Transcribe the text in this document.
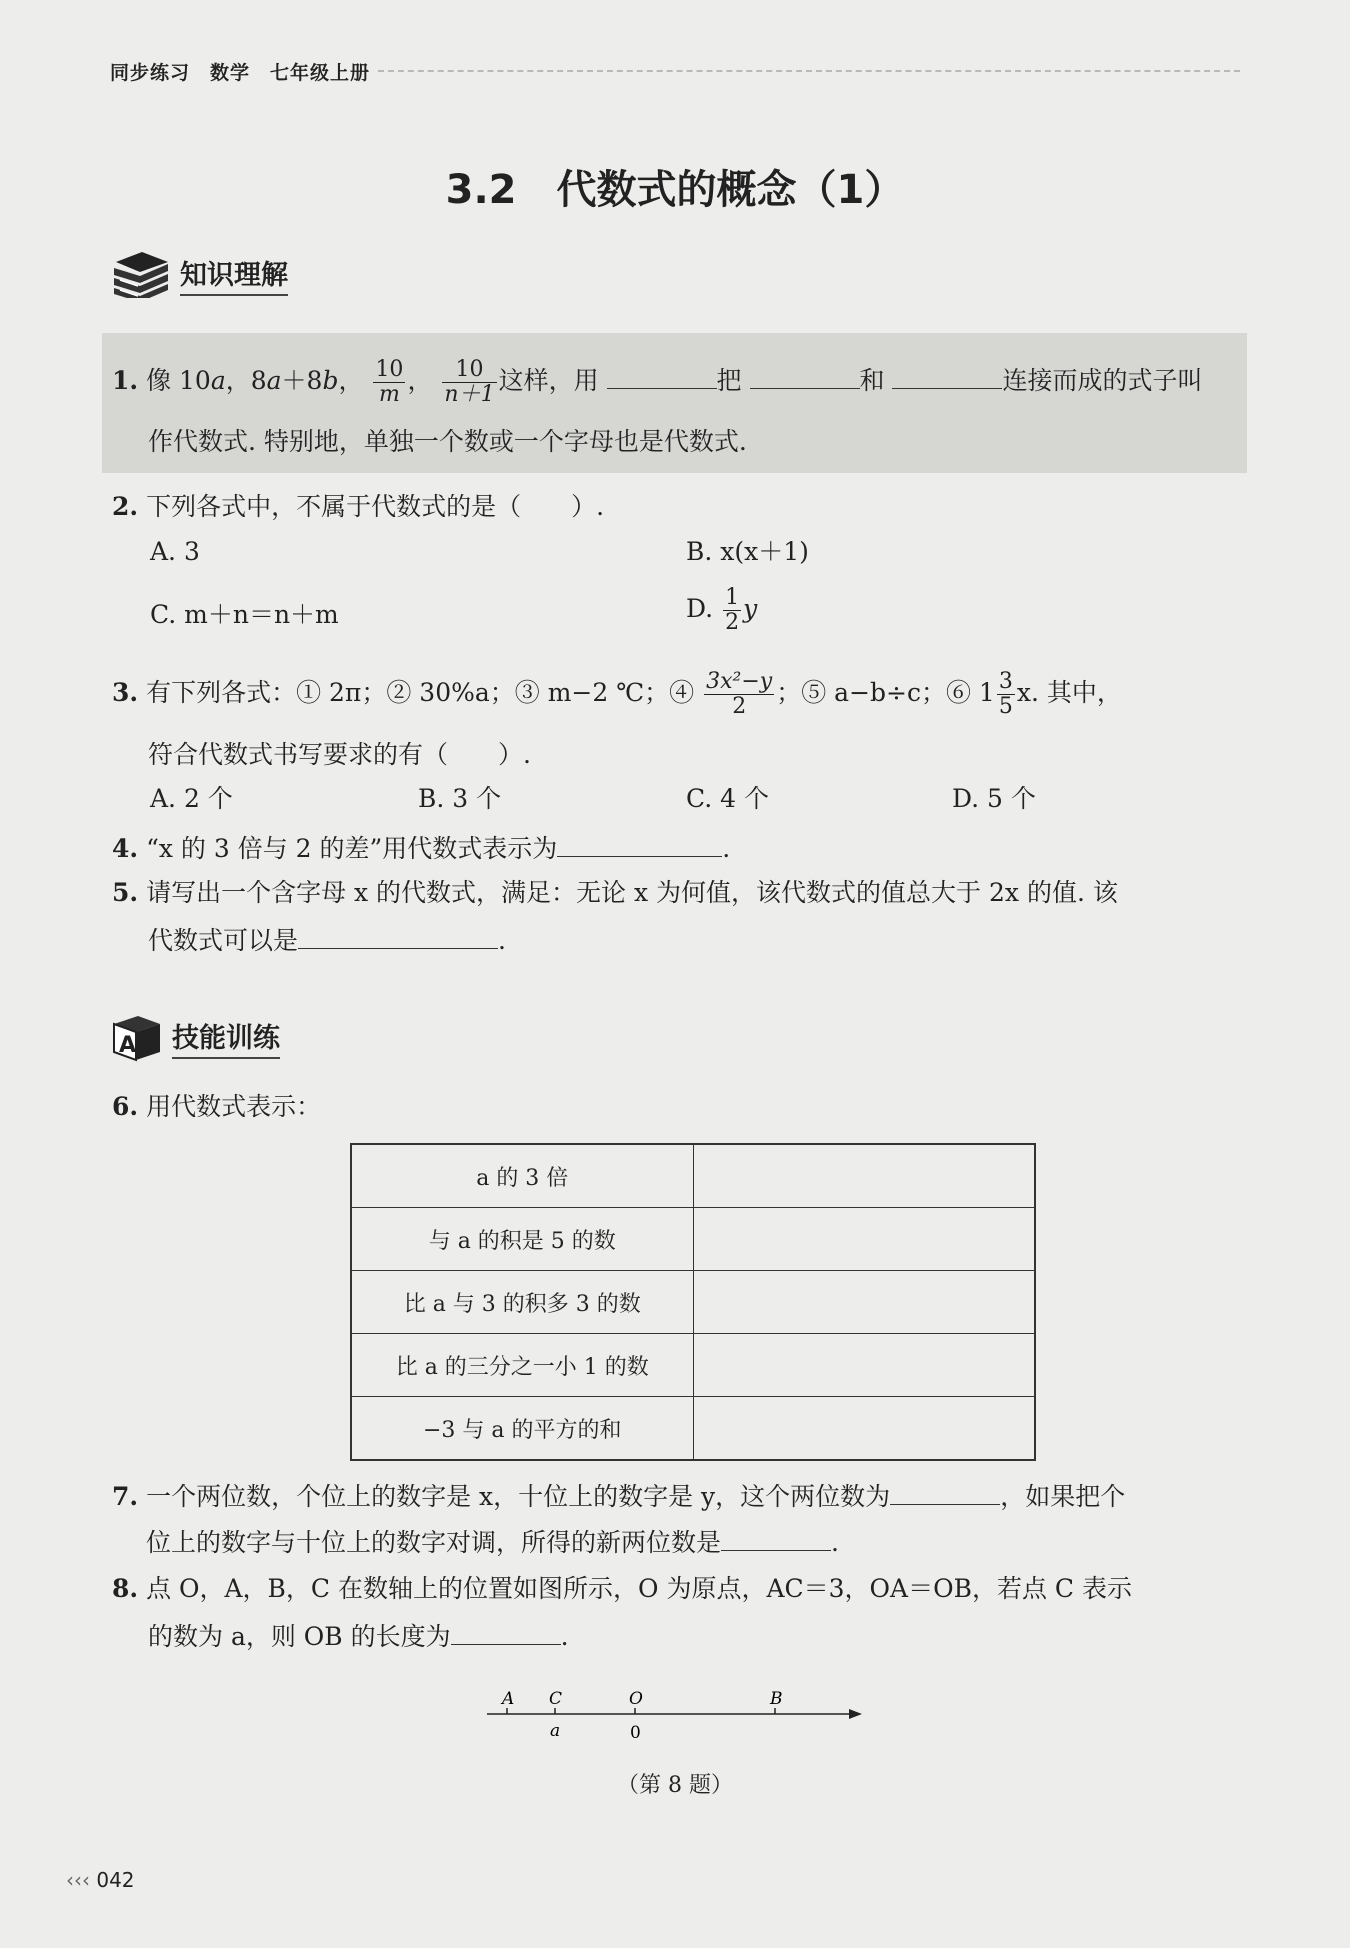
同步练习　数学　七年级上册
3.2　代数式的概念（1）
知识理解
1. 像 10a，8a＋8b， $\frac{10}{m}$ ， $\frac{10}{n+1}$ 这样，用	把	和	连接而成的式子叫
作代数式. 特别地，单独一个数或一个字母也是代数式.
2. 下列各式中，不属于代数式的是（　　）.
A. 3	B. x(x＋1)
C. m＋n＝n＋m	D. $\frac{1}{2}$ y
3. 有下列各式：① 2π；② 30%a；③ m−2 ℃；④ $\frac{\text{3x²−y}}{2}$ ；⑤ a−b÷c；⑥ $1 \frac{3}{5} x$. 其中，
符合代数式书写要求的有（　　）.
A. 2 个	B. 3 个	C. 4 个	D. 5 个
4. “x 的 3 倍与 2 的差”用代数式表示为	.
5. 请写出一个含字母 x 的代数式，满足：无论 x 为何值，该代数式的值总大于 2x 的值. 该
代数式可以是	.
A 技能训练
6. 用代数式表示：
a 的 3 倍	
与 a 的积是 5 的数	
比 a 与 3 的积多 3 的数	
比 a 的三分之一小 1 的数	
−3 与 a 的平方的和	
7. 一个两位数，个位上的数字是 x，十位上的数字是 y，这个两位数为	，如果把个
位上的数字与十位上的数字对调，所得的新两位数是	.
8. 点 O，A，B，C 在数轴上的位置如图所示，O 为原点，AC＝3，OA＝OB，若点 C 表示
的数为 a，则 OB 的长度为	.
A C	O	B
a	0
（第 8 题）
‹‹‹ 042
